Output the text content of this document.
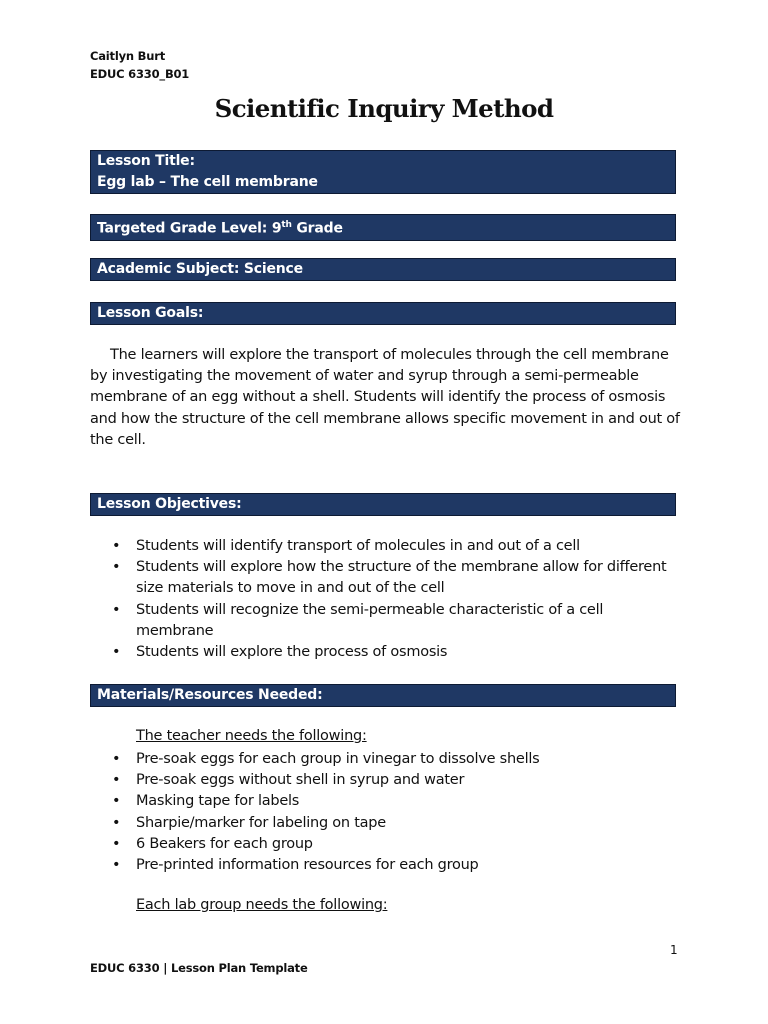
Caitlyn Burt
EDUC 6330_B01
Scientific Inquiry Method
Lesson Title:
Egg lab – The cell membrane
Targeted Grade Level: 9th Grade
Academic Subject: Science
Lesson Goals:
The learners will explore the transport of molecules through the cell membrane by investigating the movement of water and syrup through a semi-permeable membrane of an egg without a shell. Students will identify the process of osmosis and how the structure of the cell membrane allows specific movement in and out of the cell.
Lesson Objectives:
• Students will identify transport of molecules in and out of a cell
• Students will explore how the structure of the membrane allow for different size materials to move in and out of the cell
• Students will recognize the semi-permeable characteristic of a cell membrane
• Students will explore the process of osmosis
Materials/Resources Needed:
The teacher needs the following:
• Pre-soak eggs for each group in vinegar to dissolve shells
• Pre-soak eggs without shell in syrup and water
• Masking tape for labels
• Sharpie/marker for labeling on tape
• 6 Beakers for each group
• Pre-printed information resources for each group
Each lab group needs the following:
1
EDUC 6330 | Lesson Plan Template
